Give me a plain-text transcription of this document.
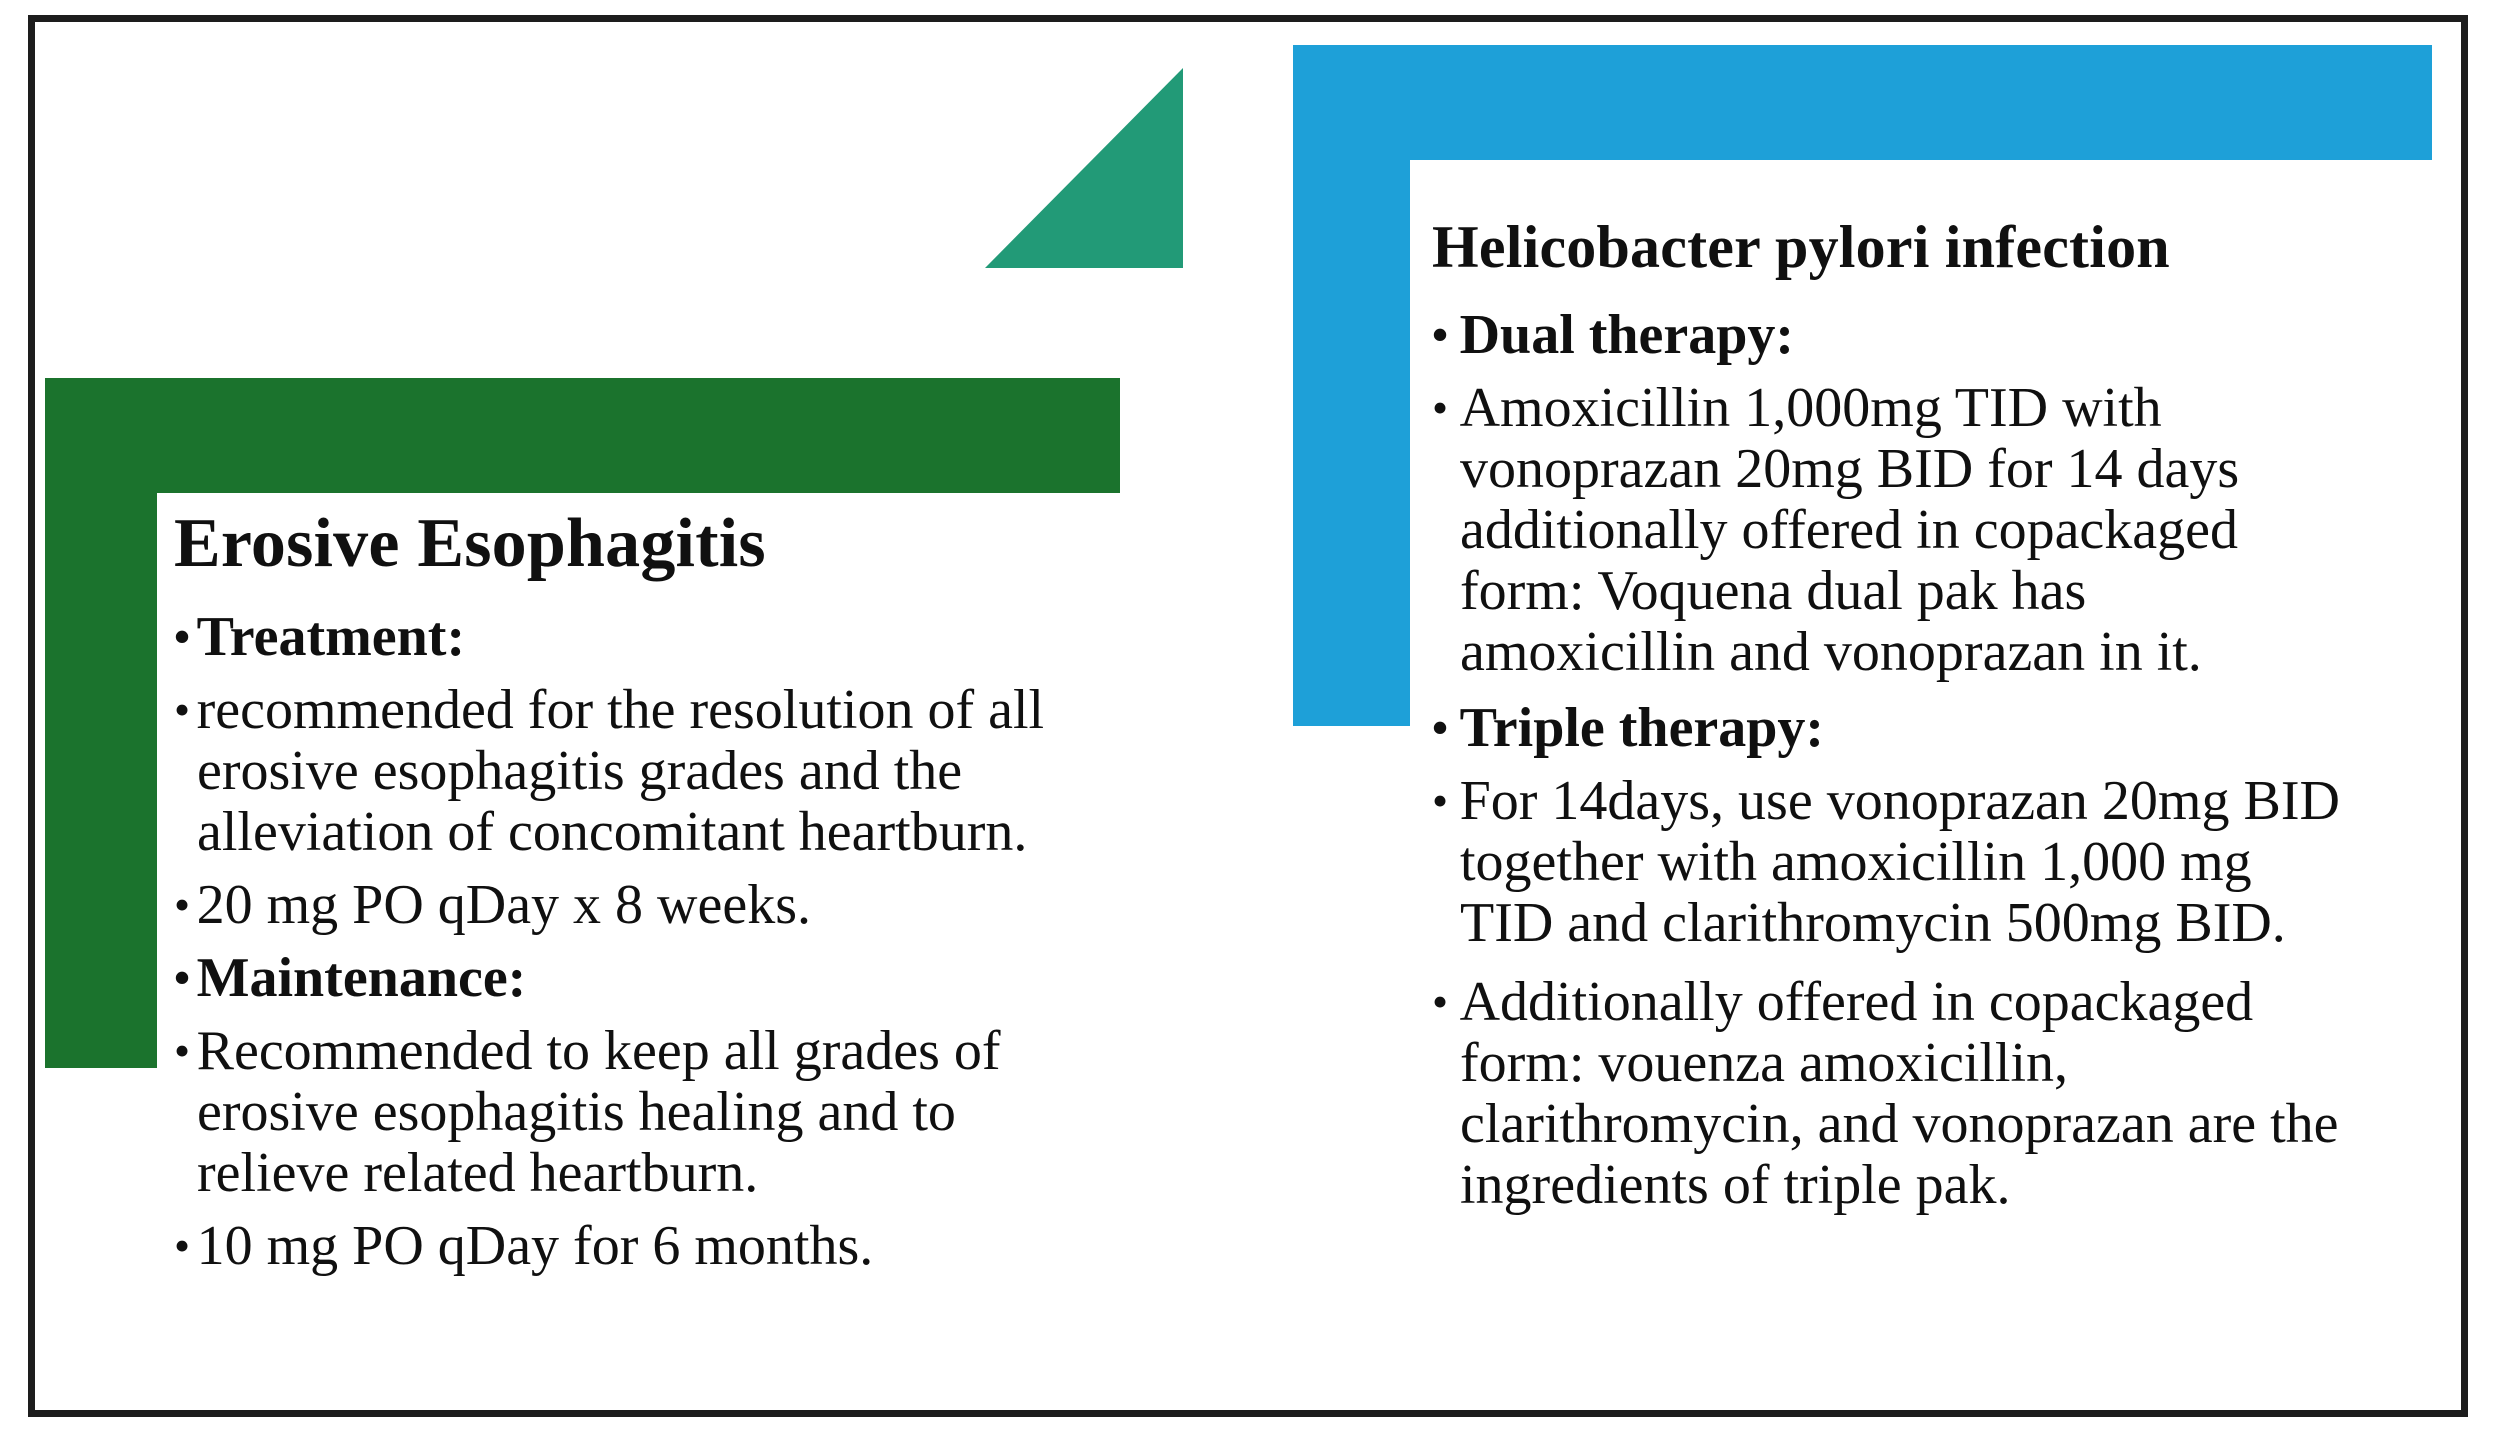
Erosive Esophagitis
• Treatment:
• recommended for the resolution of all
erosive esophagitis grades and the
alleviation of concomitant heartburn.
• 20 mg PO qDay x 8 weeks.
• Maintenance:
• Recommended to keep all grades of
erosive esophagitis healing and to
relieve related heartburn.
• 10 mg PO qDay for 6 months.
Helicobacter pylori infection
• Dual therapy:
• Amoxicillin 1,000mg TID with
vonoprazan 20mg BID for 14 days
additionally offered in copackaged
form: Voquena dual pak has
amoxicillin and vonoprazan in it.
• Triple therapy:
• For 14days, use vonoprazan 20mg BID
together with amoxicillin 1,000 mg
TID and clarithromycin 500mg BID.
• Additionally offered in copackaged
form: vouenza amoxicillin,
clarithromycin, and vonoprazan are the
ingredients of triple pak.
